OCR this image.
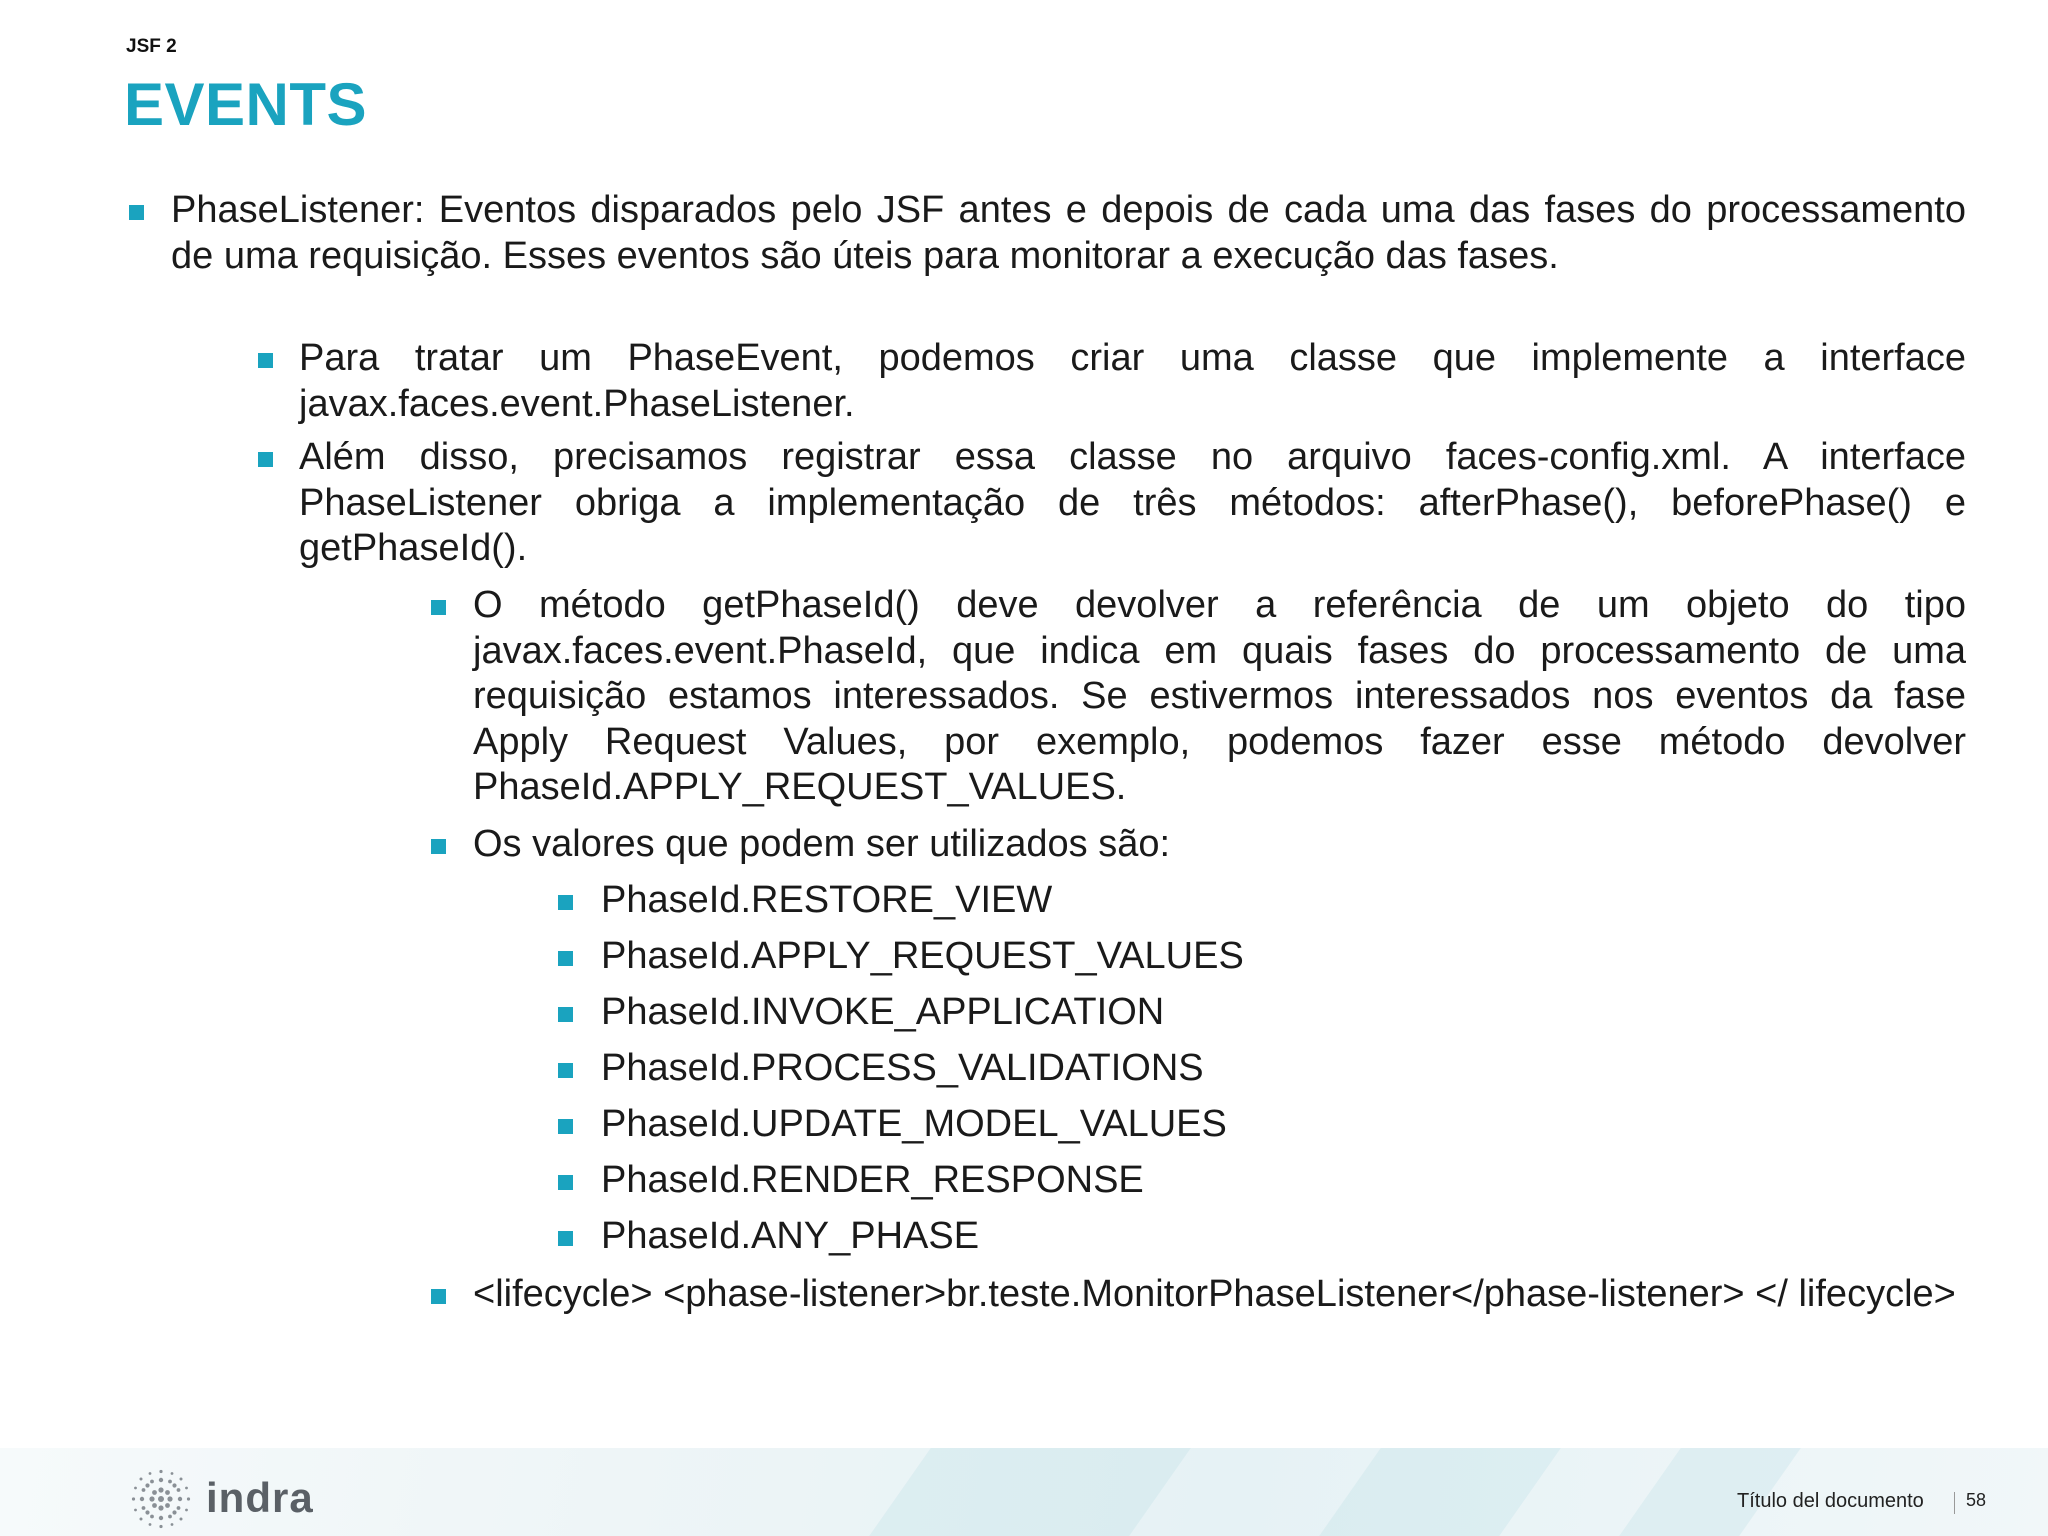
JSF 2
EVENTS
PhaseListener: Eventos disparados pelo JSF antes e depois de cada uma das fases do processamento de uma requisição. Esses eventos são úteis para monitorar a execução das fases.
Para tratar um PhaseEvent, podemos criar uma classe que implemente a interface javax.faces.event.PhaseListener.
Além disso, precisamos registrar essa classe no arquivo faces-config.xml. A interface PhaseListener obriga a implementação de três métodos: afterPhase(), beforePhase() e getPhaseId().
O método getPhaseId() deve devolver a referência de um objeto do tipo javax.faces.event.PhaseId, que indica em quais fases do processamento de uma requisição estamos interessados. Se estivermos interessados nos eventos da fase Apply Request Values, por exemplo, podemos fazer esse método devolver PhaseId.APPLY_REQUEST_VALUES.
Os valores que podem ser utilizados são:
PhaseId.RESTORE_VIEW
PhaseId.APPLY_REQUEST_VALUES
PhaseId.INVOKE_APPLICATION
PhaseId.PROCESS_VALIDATIONS
PhaseId.UPDATE_MODEL_VALUES
PhaseId.RENDER_RESPONSE
PhaseId.ANY_PHASE
<lifecycle> <phase-listener>br.teste.MonitorPhaseListener</phase-listener> </ lifecycle>
indra	Título del documento 58
